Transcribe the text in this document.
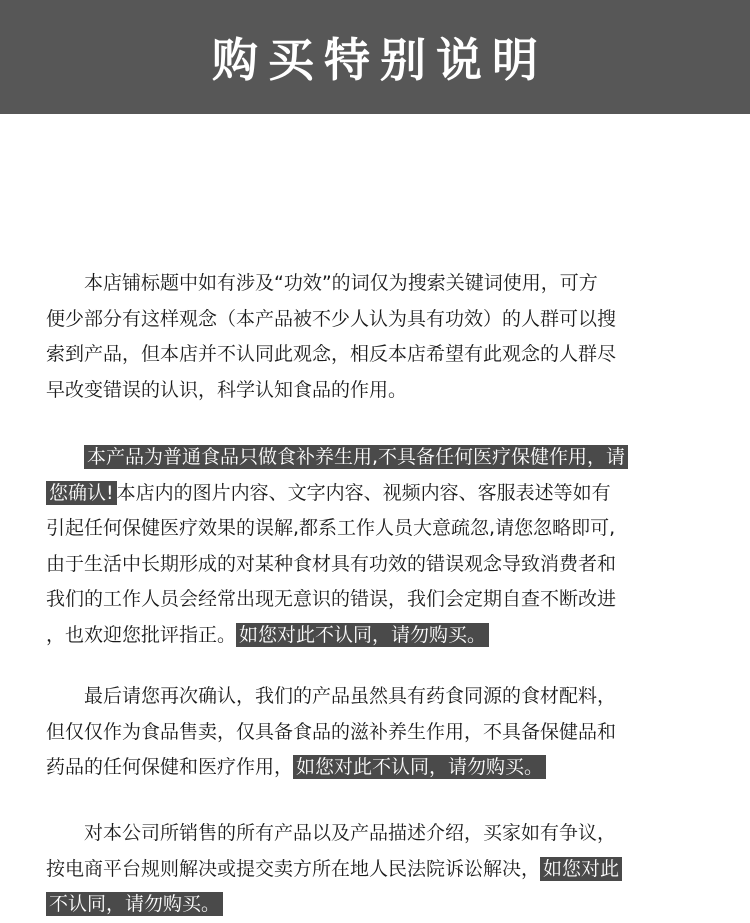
购买特别说明
　　本店铺标题中如有涉及“功效”的词仅为搜索关键词使用，可方
便少部分有这样观念（本产品被不少人认为具有功效）的人群可以搜
索到产品，但本店并不认同此观念，相反本店希望有此观念的人群尽
早改变错误的认识，科学认知食品的作用。
　　本产品为普通食品只做食补养生用,不具备任何医疗保健作用，请
您确认! 本店内的图片内容、文字内容、视频内容、客服表述等如有
引起任何保健医疗效果的误解,都系工作人员大意疏忽,请您忽略即可,
由于生活中长期形成的对某种食材具有功效的错误观念导致消费者和
我们的工作人员会经常出现无意识的错误，我们会定期自查不断改进
，也欢迎您批评指正。 如您对此不认同，请勿购买。
　　最后请您再次确认，我们的产品虽然具有药食同源的食材配料，
但仅仅作为食品售卖，仅具备食品的滋补养生作用，不具备保健品和
药品的任何保健和医疗作用， 如您对此不认同，请勿购买。
　　对本公司所销售的所有产品以及产品描述介绍，买家如有争议，
按电商平台规则解决或提交卖方所在地人民法院诉讼解决， 如您对此
不认同，请勿购买。
